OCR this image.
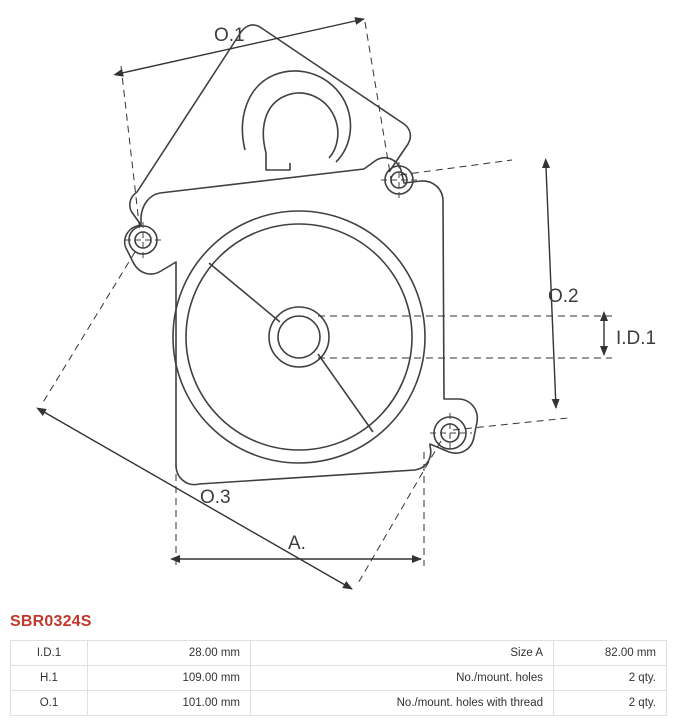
O.1
O.2
I.D.1
O.3
A.
SBR0324S
I.D.1	28.00 mm	Size A	82.00 mm
H.1	109.00 mm	No./mount. holes	2 qty.
O.1	101.00 mm	No./mount. holes with thread	2 qty.
